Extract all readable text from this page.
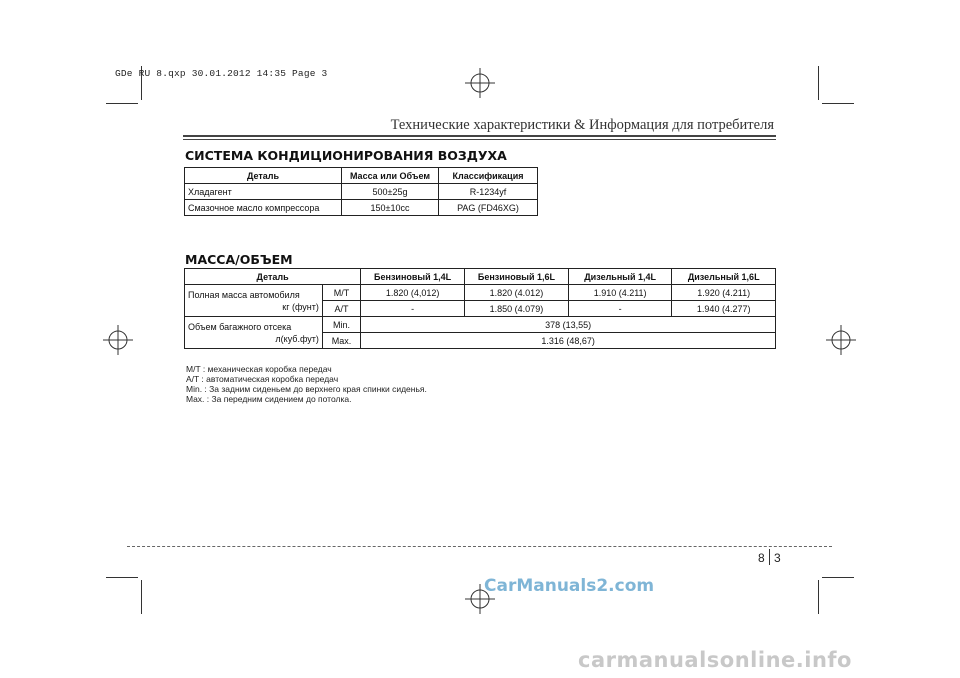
GDe RU 8.qxp 30.01.2012 14:35 Page 3
Технические характеристики & Информация для потребителя
СИСТЕМА КОНДИЦИОНИРОВАНИЯ ВОЗДУХА
Деталь	Масса или Объем	Классификация
Хладагент	500±25g	R-1234yf
Смазочное масло компрессора	150±10cc	PAG (FD46XG)
МАССА/ОБЪЕМ
Деталь		Бензиновый 1,4L	Бензиновый 1,6L	Дизельный 1,4L	Дизельный 1,6L

Полная масса автомобиля
кг (фунт)	M/T	1.820 (4,012)	1.820 (4.012)	1.910 (4.211)	1.920 (4.211)
	A/T	-	1.850 (4.079)	-	1.940 (4.277)

Объем багажного отсека
л(куб.фут)	Min.	378 (13,55)			
	Max.	1.316 (48,67)			
M/T : механическая коробка передач
A/T : автоматическая коробка передач
Min. : За задним сиденьем до верхнего края спинки сиденья.
Max. : За передним сидением до потолка.
8 3
CarManuals2.com
carmanualsonline.info
